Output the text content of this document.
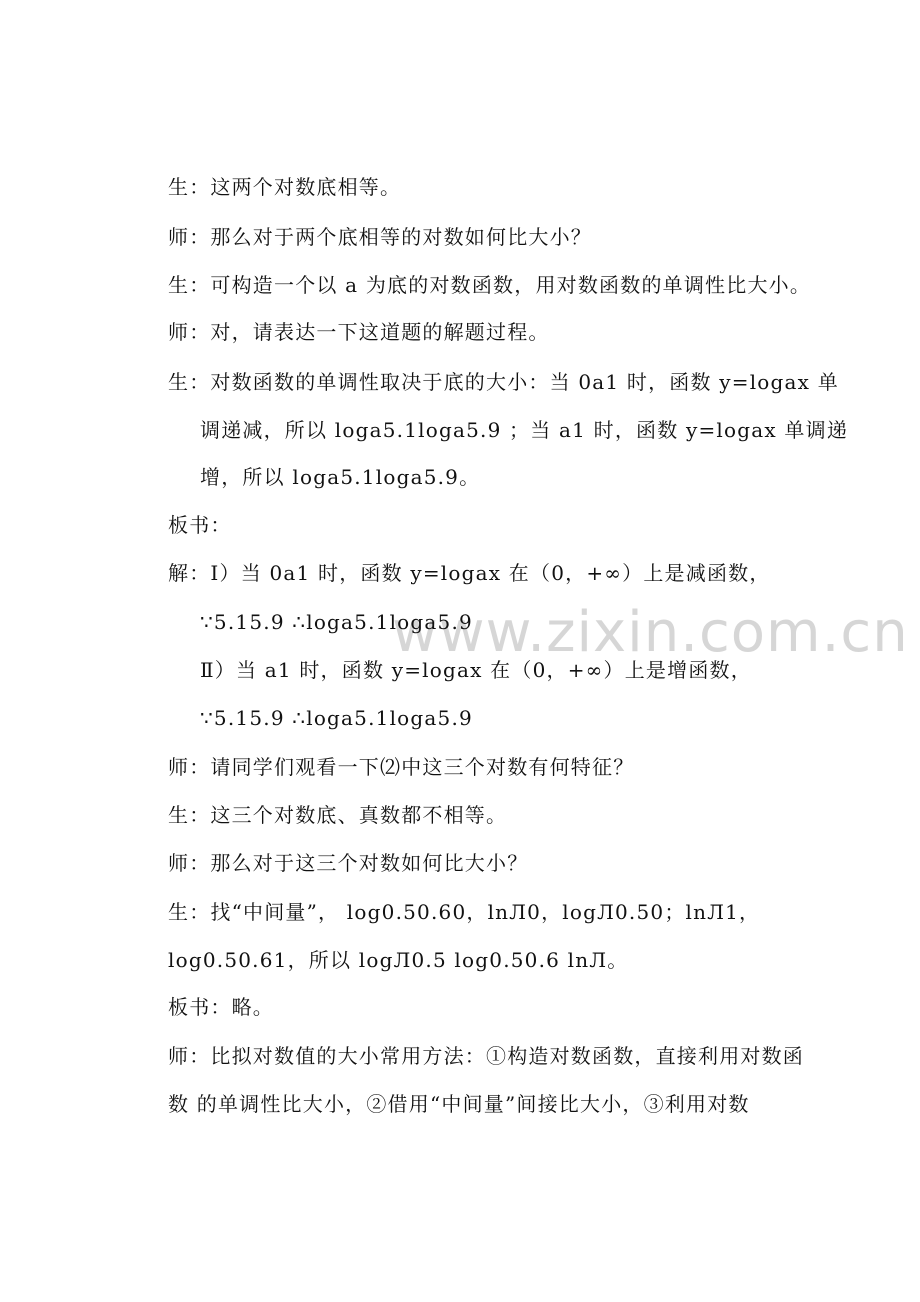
www.zixin.com.cn
生：这两个对数底相等。
师：那么对于两个底相等的对数如何比大小？
生：可构造一个以 a 为底的对数函数，用对数函数的单调性比大小。
师：对，请表达一下这道题的解题过程。
生：对数函数的单调性取决于底的大小：当 0a1 时，函数 y=logax 单
调递减，所以 loga5.1loga5.9 ；当 a1 时，函数 y=logax 单调递
增，所以 loga5.1loga5.9。
板书：
解：Ⅰ）当 0a1 时，函数 y=logax 在（0，+∞）上是减函数，
∵5.15.9 ∴loga5.1loga5.9
Ⅱ）当 a1 时，函数 y=logax 在（0，+∞）上是增函数，
∵5.15.9 ∴loga5.1loga5.9
师：请同学们观看一下⑵中这三个对数有何特征？
生：这三个对数底、真数都不相等。
师：那么对于这三个对数如何比大小？
生：找“中间量”， log0.50.60，lnЛ0，logЛ0.50；lnЛ1，
log0.50.61，所以 logЛ0.5 log0.50.6 lnЛ。
板书：略。
师：比拟对数值的大小常用方法：①构造对数函数，直接利用对数函
数 的单调性比大小，②借用“中间量”间接比大小，③利用对数
